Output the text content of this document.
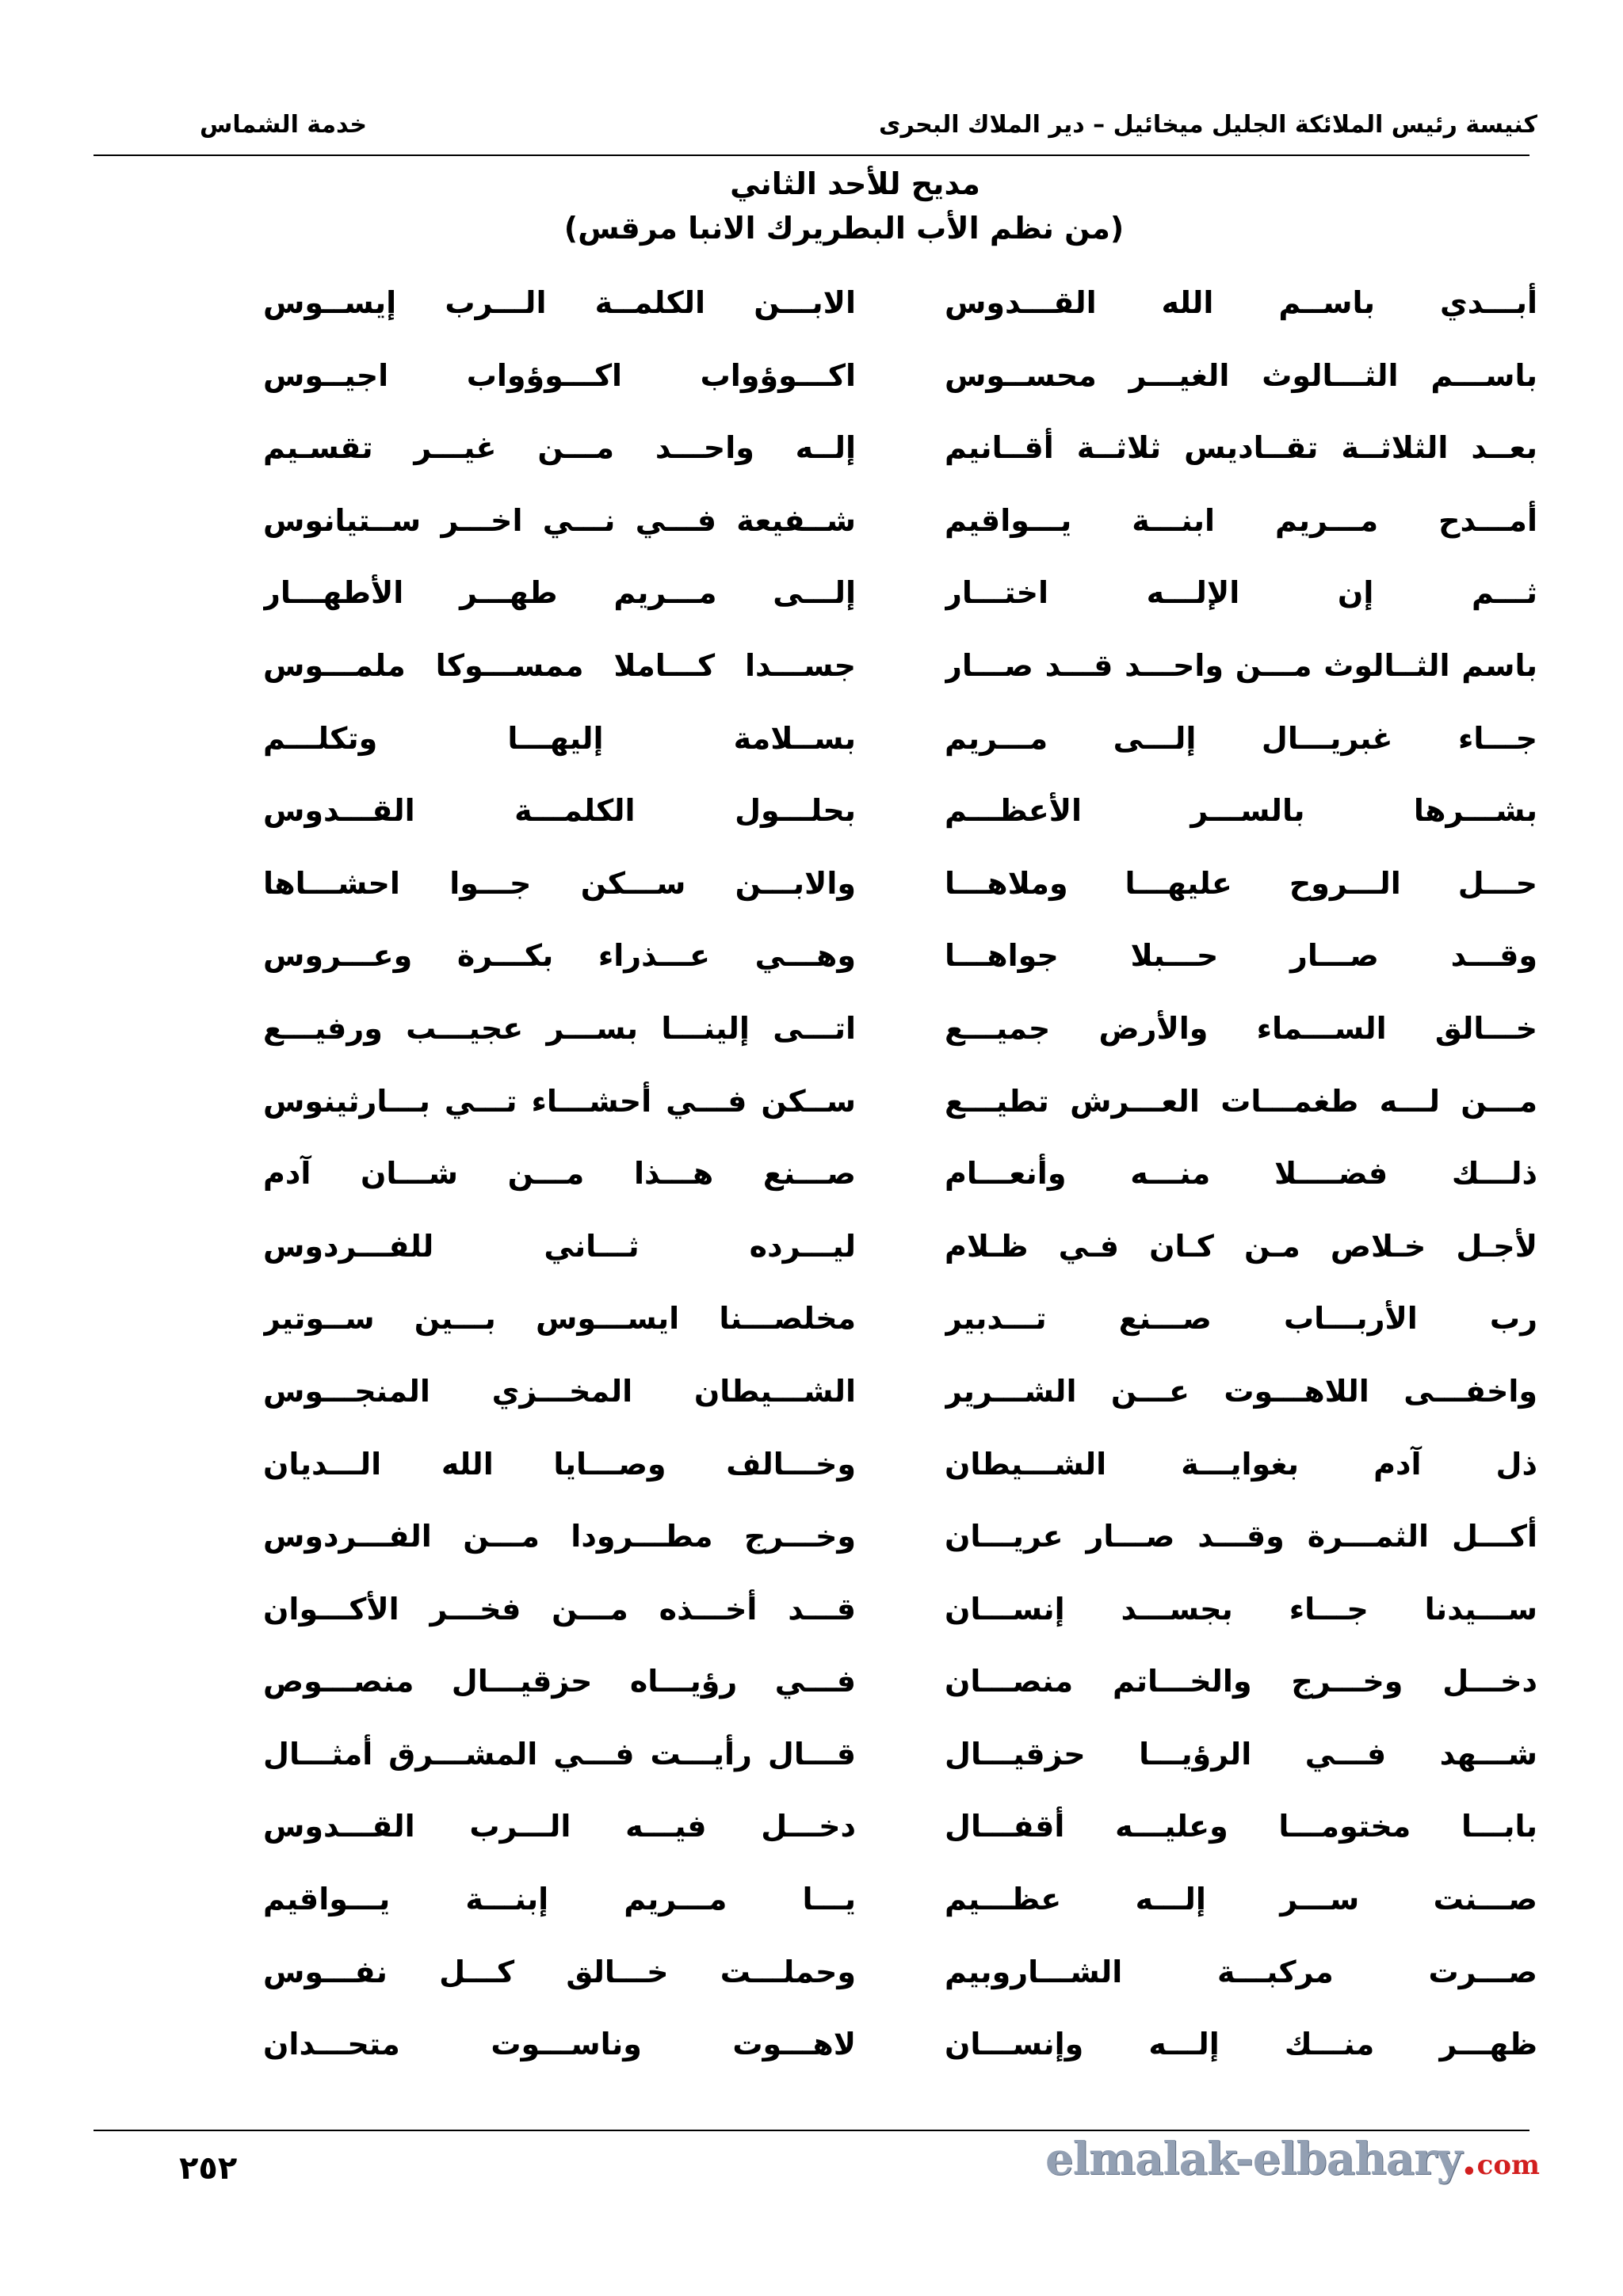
كنيسة رئيس الملائكة الجليل ميخائيل – دير الملاك البحرى
خدمة الشماس
مديح للأحد الثاني
(من نظم الأب البطريرك الانبا مرقس)
أبـــدي باســم الله القـــدوس
الابـــن الكلمــة الـــرب إيســوس
باســـم الثـــالوث الغيـــر محســوس
اكـــوؤواب اكـــوؤواب اجيــوس
بعــد الثلاثــة تقــاديس ثلاثــة أقــانيم
إلــه واحـــد مـــن غيـــر تقسـيم
أمـــدح مـــريم ابنـــة يـــواقيم
شــفيعة فـــي نـــي اخـــر ســتيانوس
ثـــم إن الإلـــه اختـــار
إلـــى مـــريم طهـــر الأطهـــار
باسم الثــالوث مـــن واحـــد قـــد صـــار
جســـدا كـــاملا ممســـوكا ملمـــوس
جـــاء غبريـــال إلـــى مـــريم
بســلامة إليهـــا وتكلـــم
بشـــرها بالســـر الأعظـــم
بحلـــول الكلمـــة القـــدوس
حـــل الـــروح عليهـــا وملاهـــا
والابـــن ســـكن جـــوا احشـــاها
وقـــد صـــار حـــبلا جواهـــا
وهـــي عـــذراء بكـــرة وعـــروس
خـــالق الســـماء والأرض جميـــع
اتـــى إلينـــا بســـر عجيـــب ورفيـــع
مـــن لـــه طغمـــات العـــرش تطيـــع
ســكن فـــي أحشـــاء تـــي بـــارثينوس
ذلـــك فضــــلا منـــه وأنعـــام
صـــنع هـــذا مـــن شـــان آدم
لأجـل خـلاص مـن كـان فـي ظـلام
ليـــرده ثـــاني للفـــردوس
رب الأربـــاب صـــنع تـــدبير
مخلصـــنا ايســـوس بـــين ســوتير
واخفـــى اللاهـــوت عـــن الشـــرير
الشـــيطان المخـــزي المنجـــوس
ذل آدم بغوايـــة الشـــيطان
وخـــالف وصـــايا الله الـــديان
أكـــل الثمـــرة وقـــد صـــار عريـــان
وخـــرج مطـــرودا مـــن الفـــردوس
ســـيدنا جـــاء بجســـد إنســـان
قـــد أخـــذه مـــن فخـــر الأكـــوان
دخـــل وخـــرج والخـــاتم منصـــان
فـــي رؤيـــاه حزقيـــال منصـــوص
شـــهد فـــي الرؤيـــا حزقيـــال
قـــال رأيـــت فـــي المشـــرق أمثـــال
بابـــا مختومـــا وعليـــه أقفـــال
دخـــل فيـــه الـــرب القـــدوس
صـــنت ســـر إلـــه عظـــيم
يـــا مـــريم إبنـــة يـــواقيم
صـــرت مركبـــة الشـــاروبيم
وحملـــت خـــالق كـــل نفـــوس
ظهـــر منـــك إلـــه وإنســـان
لاهـــوت وناســـوت متحـــدان
٢٥٢	elmalak-elbahary . com
